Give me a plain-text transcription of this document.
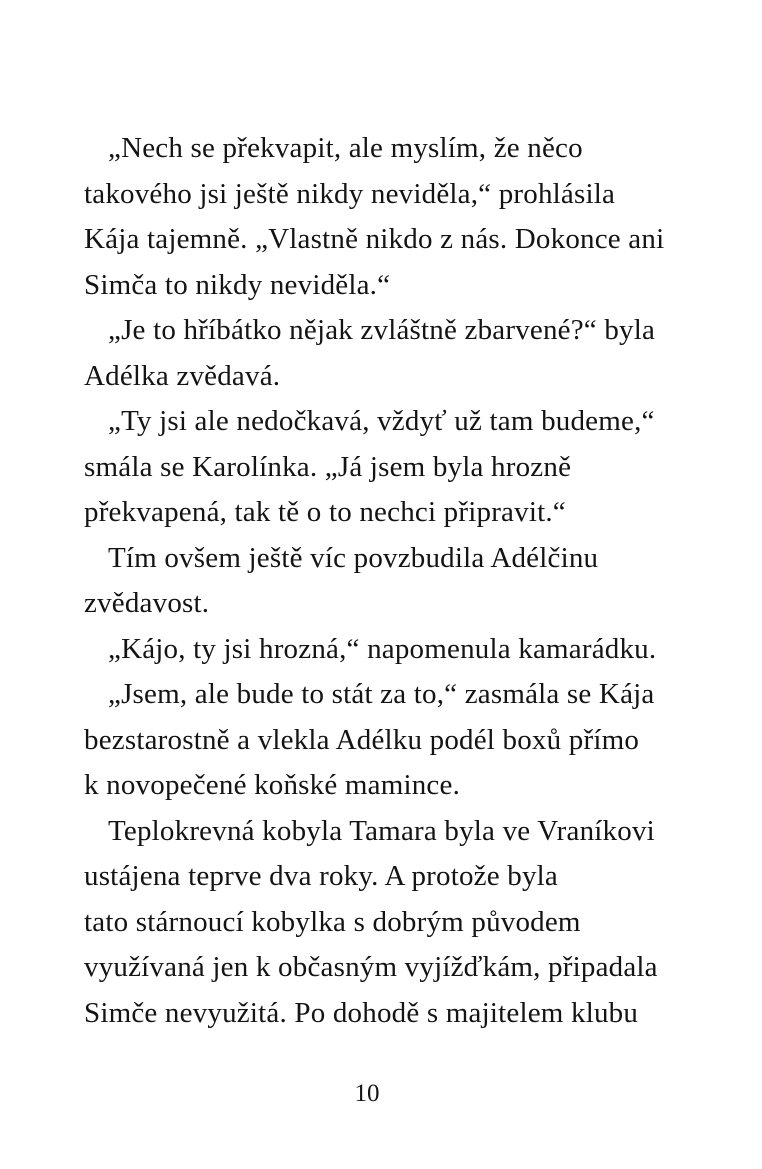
„Nech se překvapit, ale myslím, že něco
takového jsi ještě nikdy neviděla,“ prohlásila
Kája tajemně. „Vlastně nikdo z nás. Dokonce ani
Simča to nikdy neviděla.“

„Je to hříbátko nějak zvláštně zbarvené?“ byla
Adélka zvědavá.

„Ty jsi ale nedočkavá, vždyť už tam budeme,“
smála se Karolínka. „Já jsem byla hrozně
překvapená, tak tě o to nechci připravit.“

Tím ovšem ještě víc povzbudila Adélčinu
zvědavost.

„Kájo, ty jsi hrozná,“ napomenula kamarádku.

„Jsem, ale bude to stát za to,“ zasmála se Kája
bezstarostně a vlekla Adélku podél boxů přímo
k novopečené koňské mamince.

Teplokrevná kobyla Tamara byla ve Vraníkovi
ustájena teprve dva roky. A protože byla
tato stárnoucí kobylka s dobrým původem
využívaná jen k občasným vyjížďkám, připadala
Simče nevyužitá. Po dohodě s majitelem klubu

10
